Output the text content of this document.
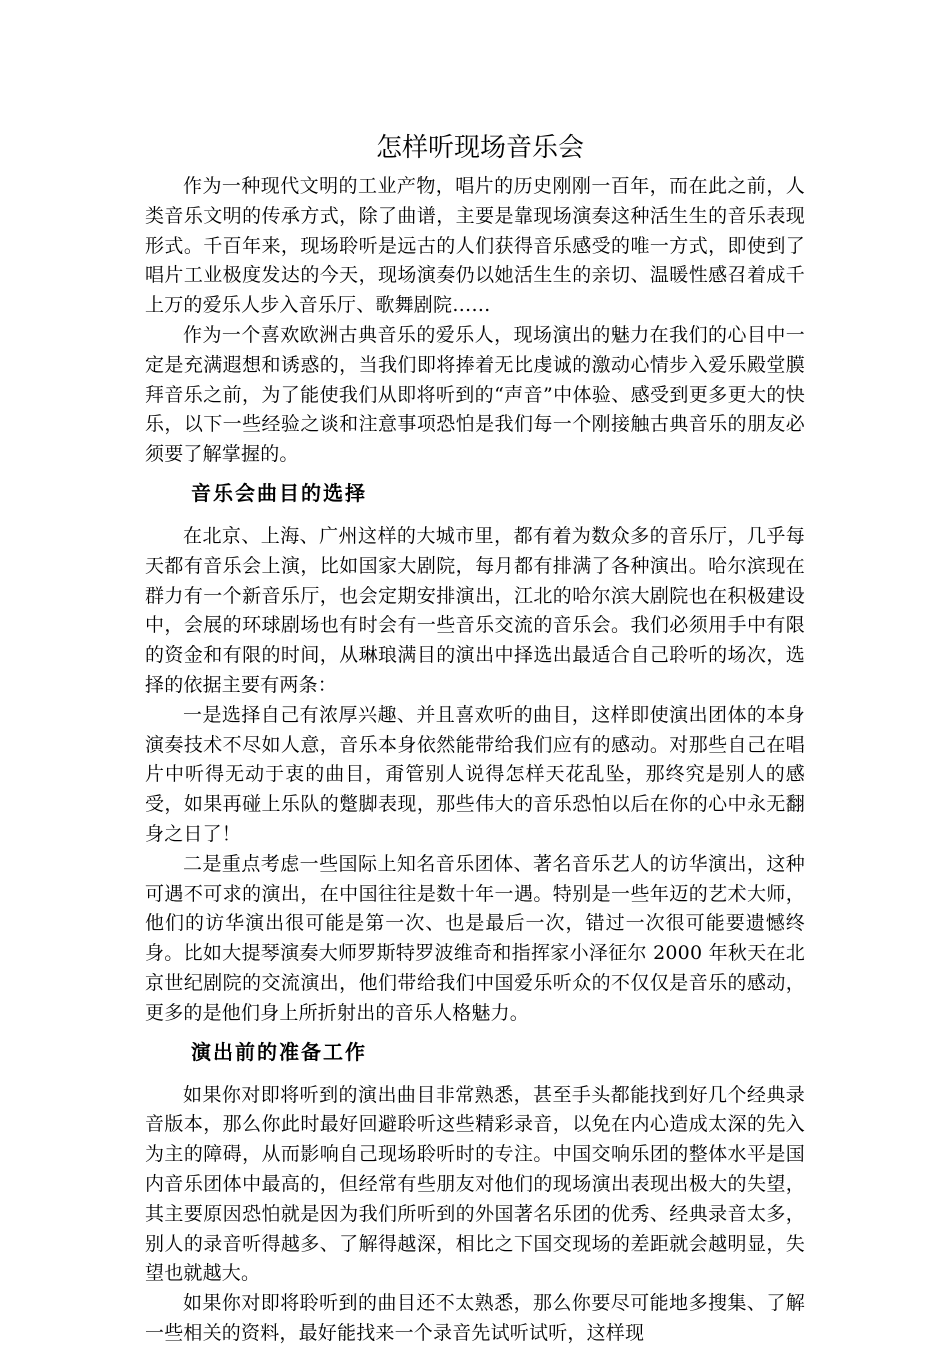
怎样听现场音乐会

作为一种现代文明的工业产物，唱片的历史刚刚一百年，而在此之前，人类音乐文明的传承方式，除了曲谱，主要是靠现场演奏这种活生生的音乐表现形式。千百年来，现场聆听是远古的人们获得音乐感受的唯一方式，即使到了唱片工业极度发达的今天，现场演奏仍以她活生生的亲切、温暖性感召着成千上万的爱乐人步入音乐厅、歌舞剧院……

作为一个喜欢欧洲古典音乐的爱乐人，现场演出的魅力在我们的心目中一定是充满遐想和诱惑的，当我们即将捧着无比虔诚的激动心情步入爱乐殿堂膜拜音乐之前，为了能使我们从即将听到的“声音”中体验、感受到更多更大的快乐，以下一些经验之谈和注意事项恐怕是我们每一个刚接触古典音乐的朋友必须要了解掌握的。

音乐会曲目的选择

在北京、上海、广州这样的大城市里，都有着为数众多的音乐厅，几乎每天都有音乐会上演，比如国家大剧院，每月都有排满了各种演出。哈尔滨现在群力有一个新音乐厅，也会定期安排演出，江北的哈尔滨大剧院也在积极建设中，会展的环球剧场也有时会有一些音乐交流的音乐会。我们必须用手中有限的资金和有限的时间，从琳琅满目的演出中择选出最适合自己聆听的场次，选择的依据主要有两条：

一是选择自己有浓厚兴趣、并且喜欢听的曲目，这样即使演出团体的本身演奏技术不尽如人意，音乐本身依然能带给我们应有的感动。对那些自己在唱片中听得无动于衷的曲目，甭管别人说得怎样天花乱坠，那终究是别人的感受，如果再碰上乐队的蹩脚表现，那些伟大的音乐恐怕以后在你的心中永无翻身之日了！

二是重点考虑一些国际上知名音乐团体、著名音乐艺人的访华演出，这种可遇不可求的演出，在中国往往是数十年一遇。特别是一些年迈的艺术大师，他们的访华演出很可能是第一次、也是最后一次，错过一次很可能要遗憾终身。比如大提琴演奏大师罗斯特罗波维奇和指挥家小泽征尔 2000 年秋天在北京世纪剧院的交流演出，他们带给我们中国爱乐听众的不仅仅是音乐的感动，更多的是他们身上所折射出的音乐人格魅力。

演出前的准备工作

如果你对即将听到的演出曲目非常熟悉，甚至手头都能找到好几个经典录音版本，那么你此时最好回避聆听这些精彩录音，以免在内心造成太深的先入为主的障碍，从而影响自己现场聆听时的专注。中国交响乐团的整体水平是国内音乐团体中最高的，但经常有些朋友对他们的现场演出表现出极大的失望，其主要原因恐怕就是因为我们所听到的外国著名乐团的优秀、经典录音太多，别人的录音听得越多、了解得越深，相比之下国交现场的差距就会越明显，失望也就越大。

如果你对即将聆听到的曲目还不太熟悉，那么你要尽可能地多搜集、了解一些相关的资料，最好能找来一个录音先试听试听，这样现
